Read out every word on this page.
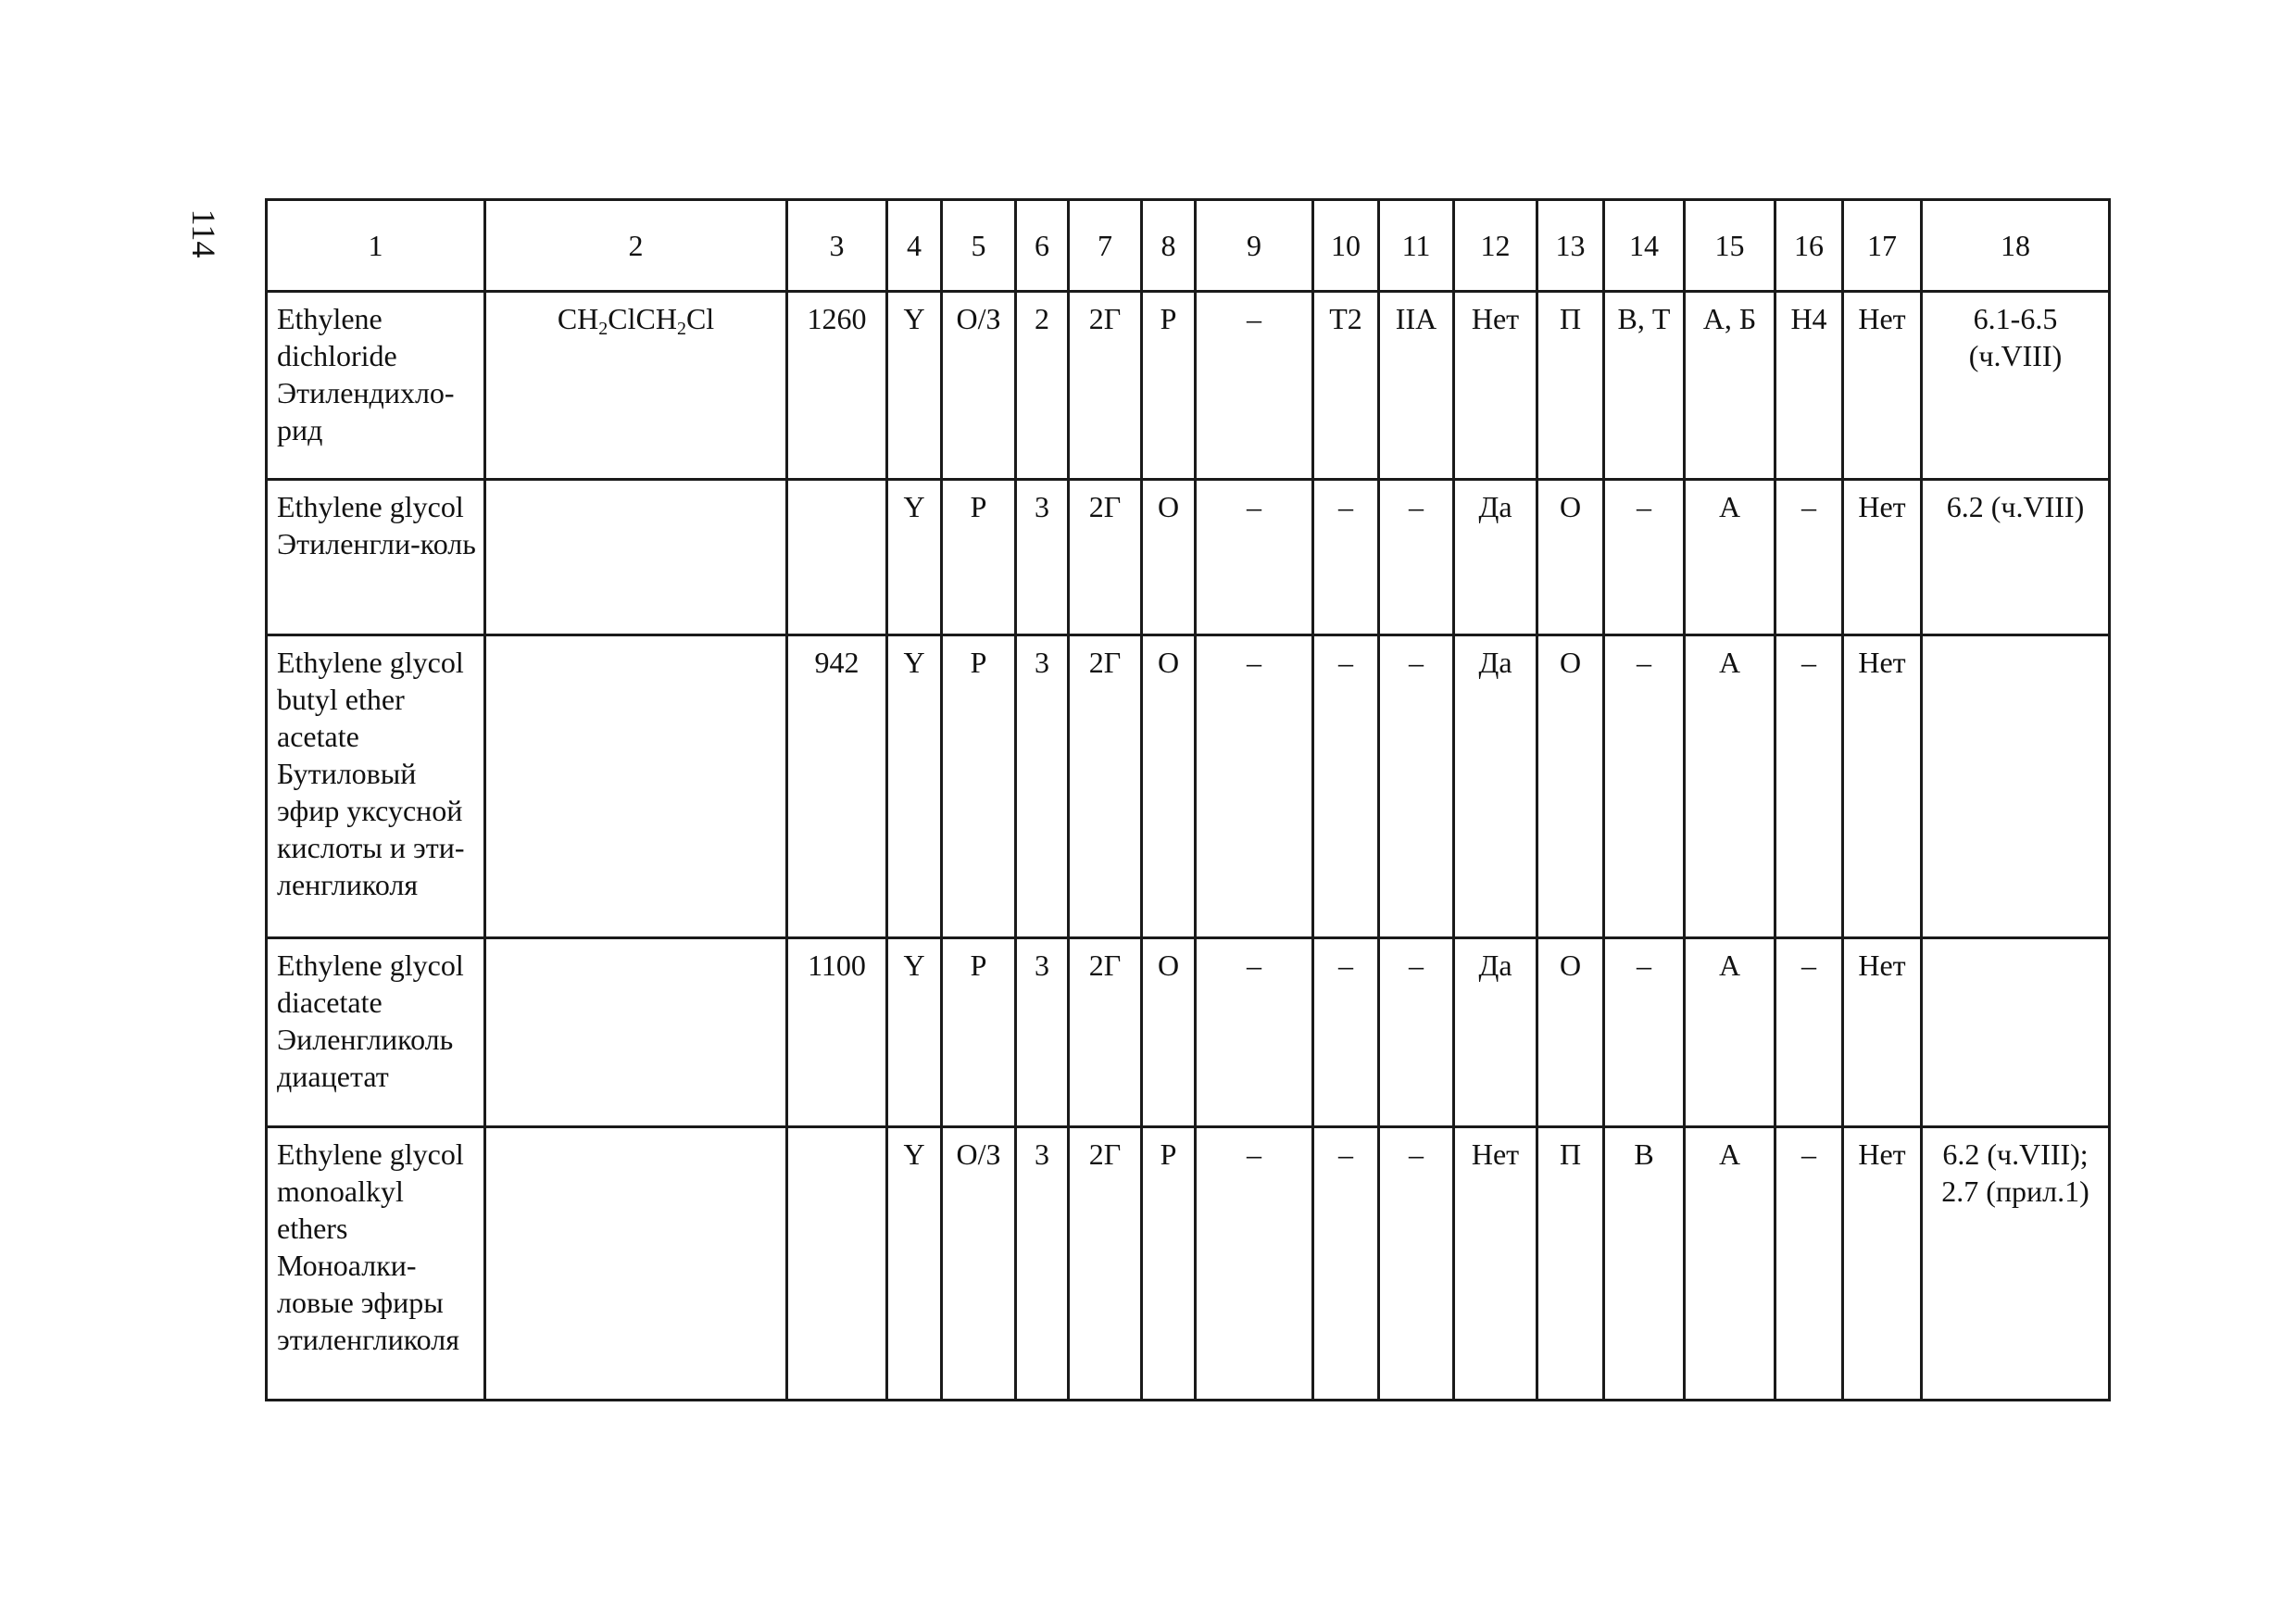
114	1	2	3	4	5	6	7	8	9	10	11	12	13	14	15	16	17	18
Ethylene dichloride
Этилендихло-рид	$CH_2ClCH_2Cl$	1260	Y	О/З	2	2Г	Р	–	T2	IIA	Нет	П	В, Т	А, Б	Н4	Нет	6.1-6.5 (ч.VIII)
Ethylene glycol
Этиленгли-коль			Y	Р	3	2Г	О	–	–	–	Да	О	–	А	–	Нет	6.2 (ч.VIII)
Ethylene glycol butyl ether acetate
Бутиловый эфир уксусной кислоты и эти-ленгликоля		942	Y	Р	3	2Г	О	–	–	–	Да	О	–	А	–	Нет	
Ethylene glycol diacetate
Эиленгликоль диацетат		1100	Y	Р	3	2Г	О	–	–	–	Да	О	–	А	–	Нет	
Ethylene glycol monoalkyl ethers
Моноалки-ловые эфиры этиленгликоля			Y	О/З	3	2Г	Р	–	–	–	Нет	П	В	А	–	Нет	6.2 (ч.VIII); 2.7 (прил.1)
